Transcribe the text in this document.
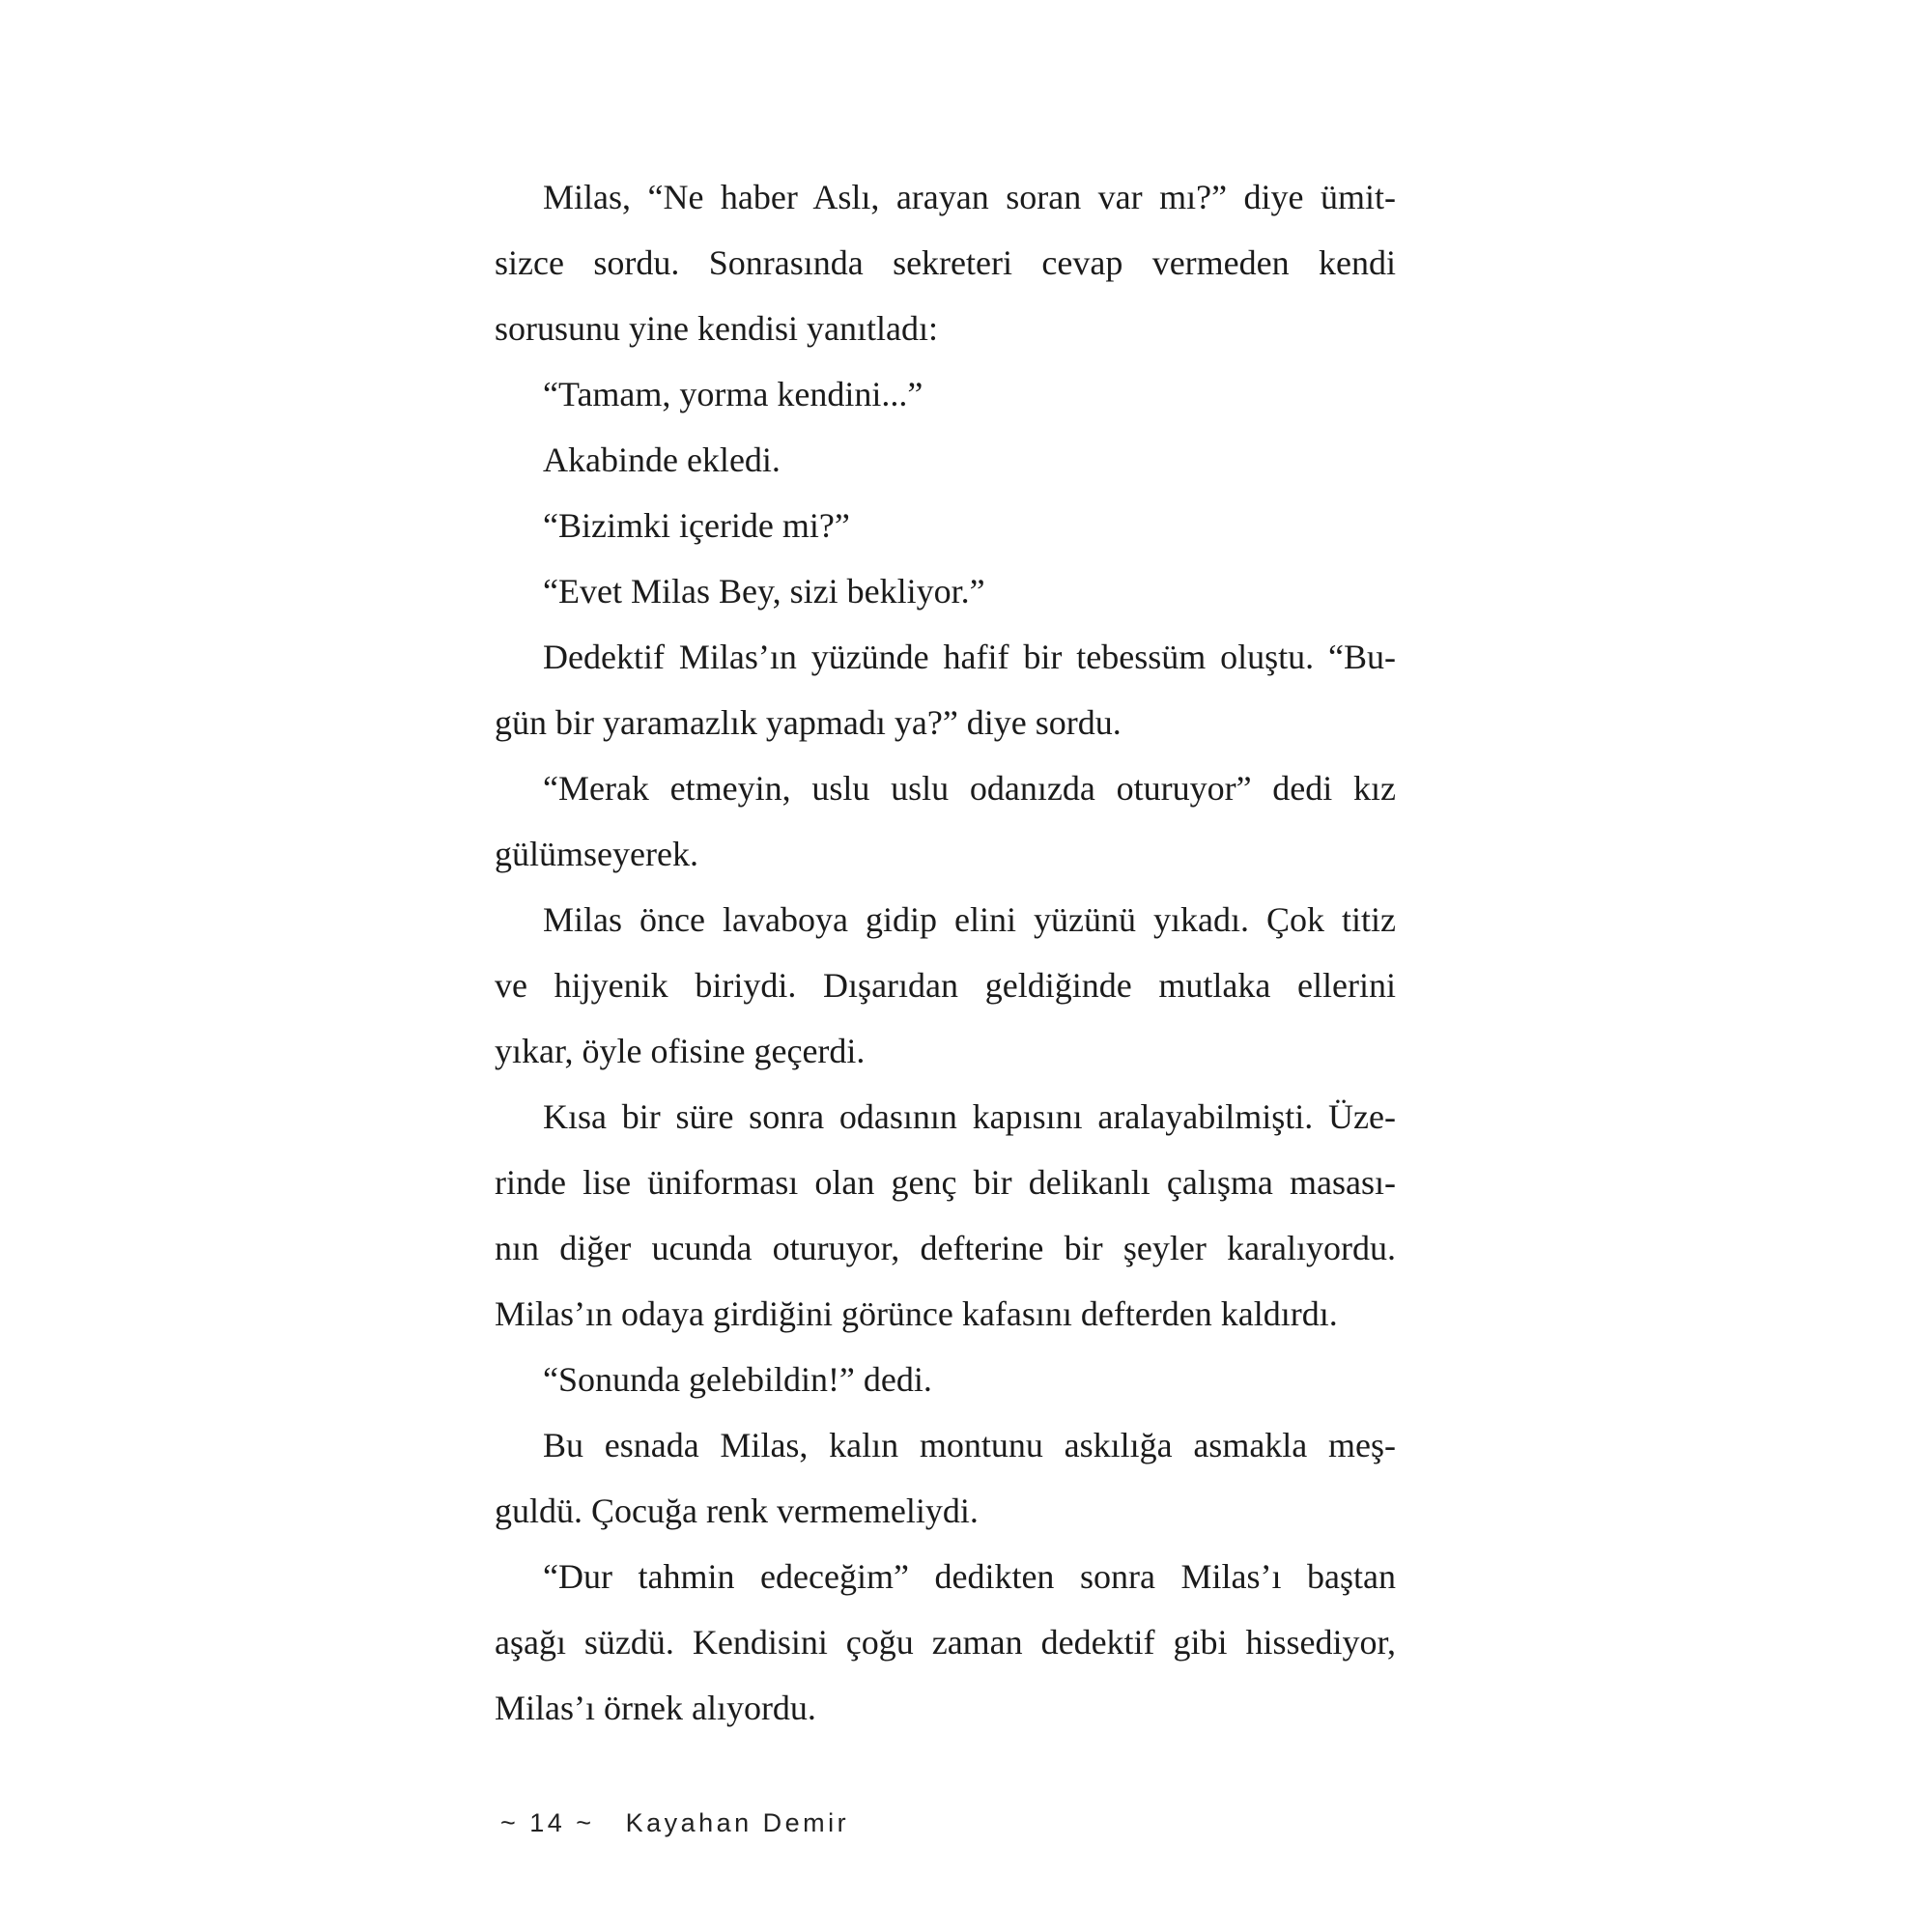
Milas, “Ne haber Aslı, arayan soran var mı?” diye ümit-
sizce sordu. Sonrasında sekreteri cevap vermeden kendi
sorusunu yine kendisi yanıtladı:
“Tamam, yorma kendini...”
Akabinde ekledi.
“Bizimki içeride mi?”
“Evet Milas Bey, sizi bekliyor.”
Dedektif Milas’ın yüzünde hafif bir tebessüm oluştu. “Bu-
gün bir yaramazlık yapmadı ya?” diye sordu.
“Merak etmeyin, uslu uslu odanızda oturuyor” dedi kız
gülümseyerek.
Milas önce lavaboya gidip elini yüzünü yıkadı. Çok titiz
ve hijyenik biriydi. Dışarıdan geldiğinde mutlaka ellerini
yıkar, öyle ofisine geçerdi.
Kısa bir süre sonra odasının kapısını aralayabilmişti. Üze-
rinde lise üniforması olan genç bir delikanlı çalışma masası-
nın diğer ucunda oturuyor, defterine bir şeyler karalıyordu.
Milas’ın odaya girdiğini görünce kafasını defterden kaldırdı.
“Sonunda gelebildin!” dedi.
Bu esnada Milas, kalın montunu askılığa asmakla meş-
guldü. Çocuğa renk vermemeliydi.
“Dur tahmin edeceğim” dedikten sonra Milas’ı baştan
aşağı süzdü. Kendisini çoğu zaman dedektif gibi hissediyor,
Milas’ı örnek alıyordu.
~ 14 ~ Kayahan Demir
